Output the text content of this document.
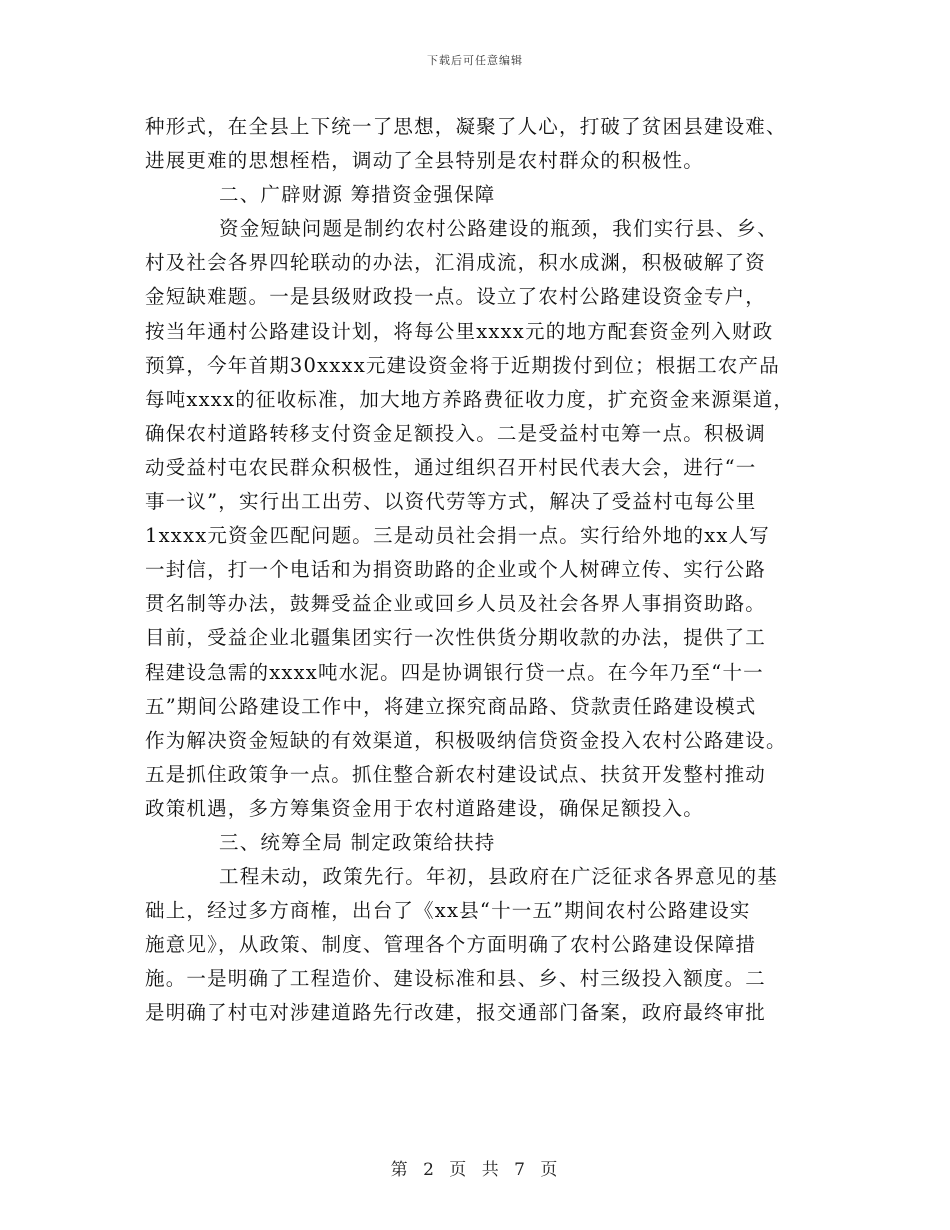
下载后可任意编辑
种形式，在全县上下统一了思想，凝聚了人心，打破了贫困县建设难、
进展更难的思想桎梏，调动了全县特别是农村群众的积极性。
二、广辟财源 筹措资金强保障
资金短缺问题是制约农村公路建设的瓶颈，我们实行县、乡、
村及社会各界四轮联动的办法，汇涓成流，积水成渊，积极破解了资
金短缺难题。一是县级财政投一点。设立了农村公路建设资金专户，
按当年通村公路建设计划，将每公里xxxx元的地方配套资金列入财政
预算，今年首期30xxxx元建设资金将于近期拨付到位；根据工农产品
每吨xxxx的征收标准，加大地方养路费征收力度，扩充资金来源渠道，
确保农村道路转移支付资金足额投入。二是受益村屯筹一点。积极调
动受益村屯农民群众积极性，通过组织召开村民代表大会，进行“一
事一议”，实行出工出劳、以资代劳等方式，解决了受益村屯每公里
1xxxx元资金匹配问题。三是动员社会捐一点。实行给外地的xx人写
一封信，打一个电话和为捐资助路的企业或个人树碑立传、实行公路
贯名制等办法，鼓舞受益企业或回乡人员及社会各界人事捐资助路。
目前，受益企业北疆集团实行一次性供货分期收款的办法，提供了工
程建设急需的xxxx吨水泥。四是协调银行贷一点。在今年乃至“十一
五”期间公路建设工作中，将建立探究商品路、贷款责任路建设模式
作为解决资金短缺的有效渠道，积极吸纳信贷资金投入农村公路建设。
五是抓住政策争一点。抓住整合新农村建设试点、扶贫开发整村推动
政策机遇，多方筹集资金用于农村道路建设，确保足额投入。
三、统筹全局 制定政策给扶持
工程未动，政策先行。年初，县政府在广泛征求各界意见的基
础上，经过多方商榷，出台了《xx县“十一五”期间农村公路建设实
施意见》，从政策、制度、管理各个方面明确了农村公路建设保障措
施。一是明确了工程造价、建设标准和县、乡、村三级投入额度。二
是明确了村屯对涉建道路先行改建，报交通部门备案，政府最终审批
第 2 页 共 7 页
